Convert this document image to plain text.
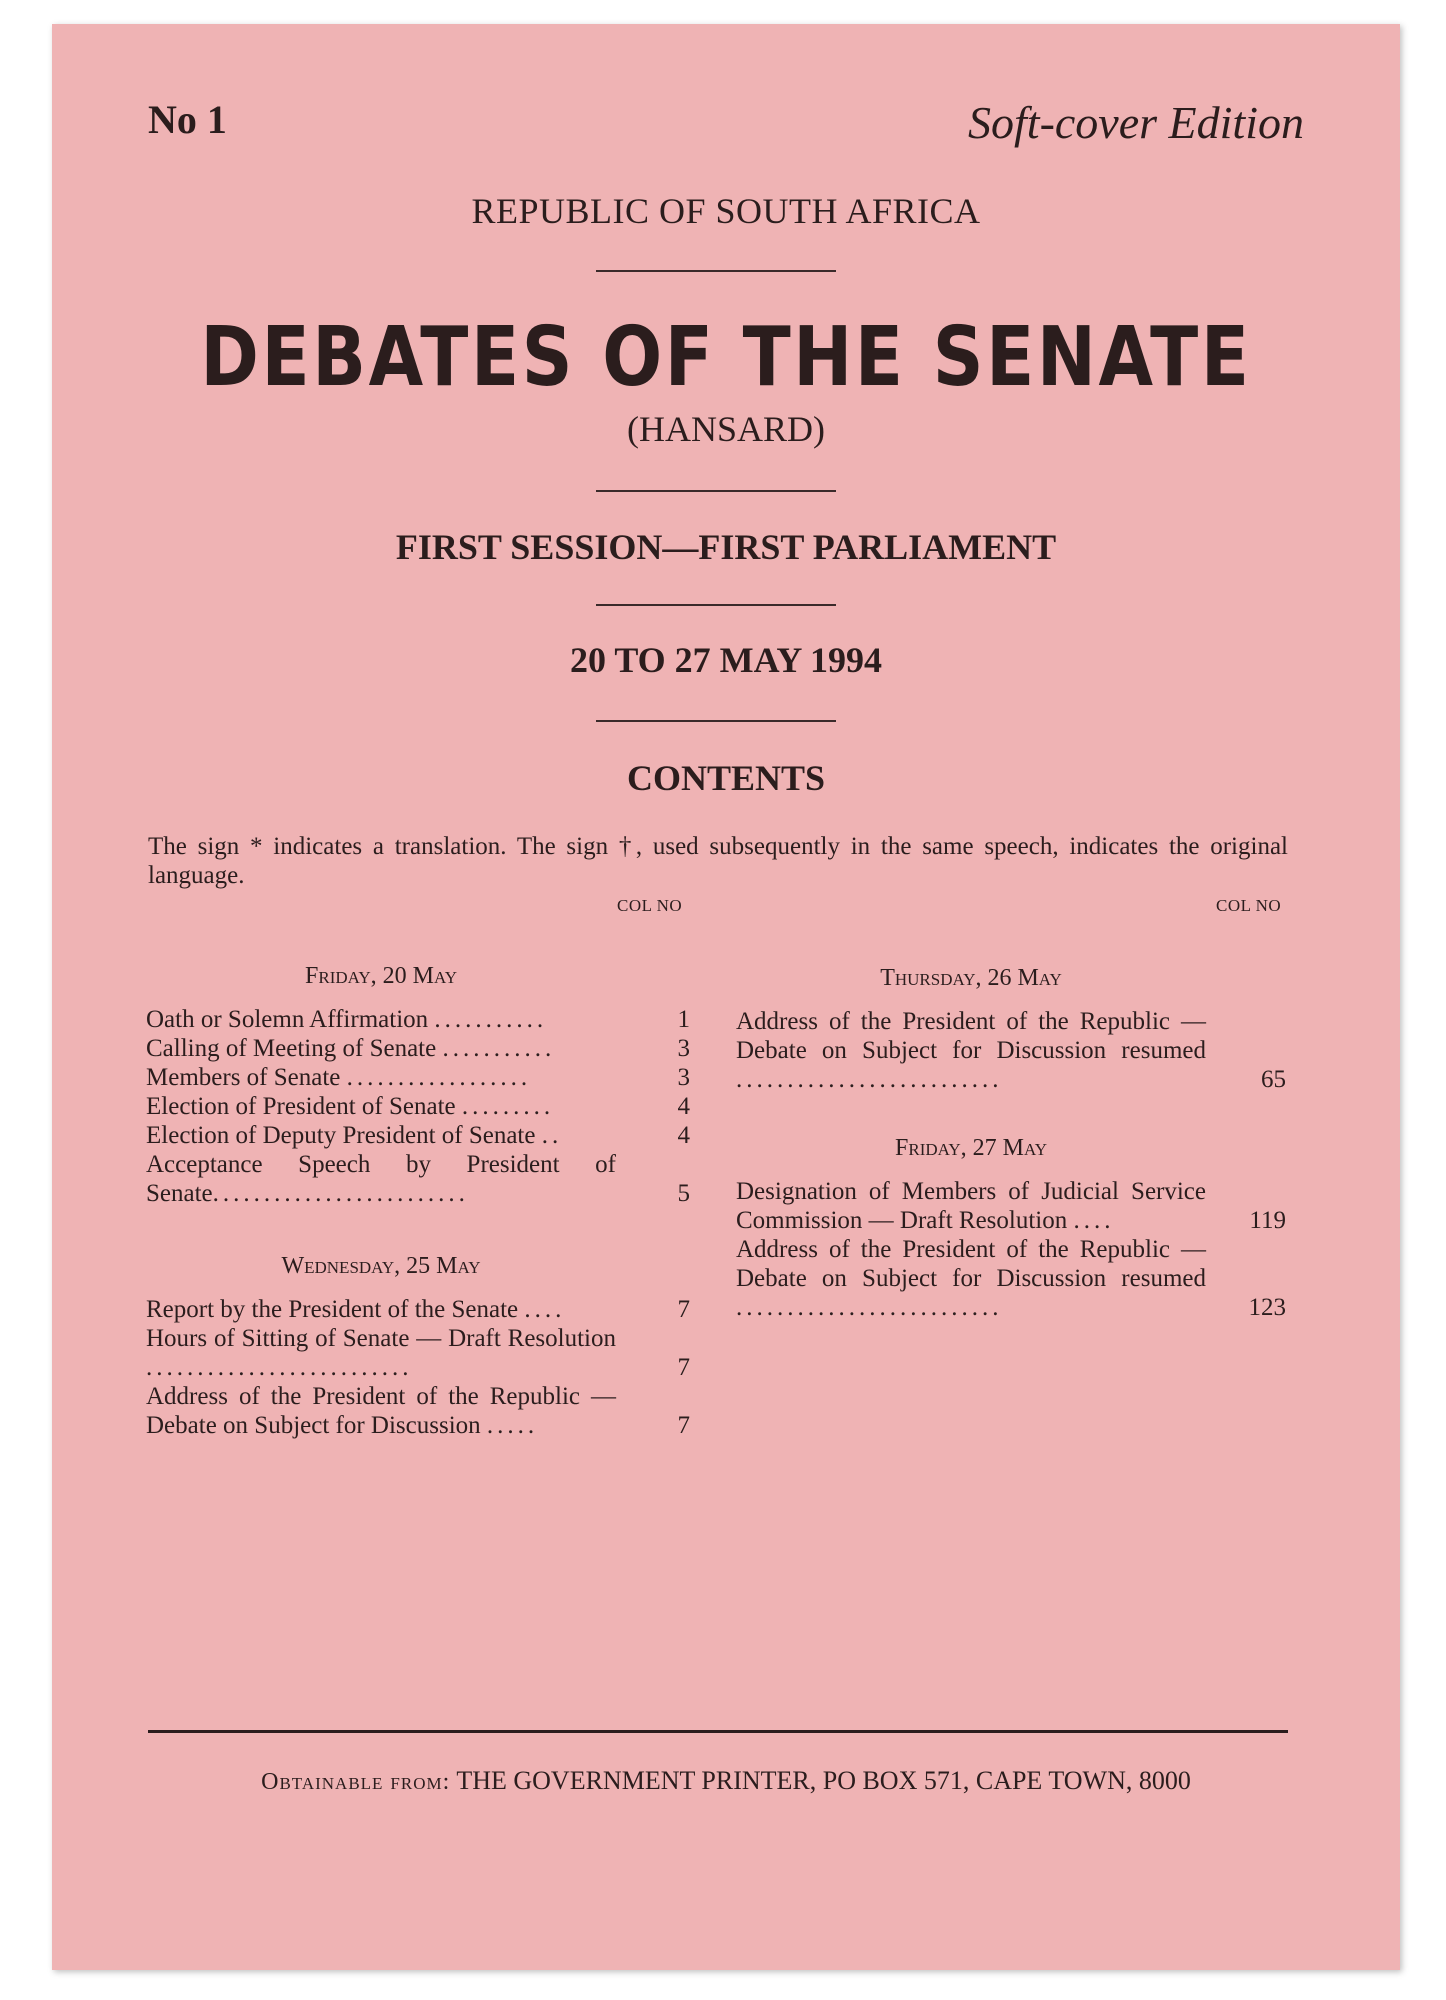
No 1	Soft-cover Edition
REPUBLIC OF SOUTH AFRICA
DEBATES OF THE SENATE
(HANSARD)
FIRST SESSION—FIRST PARLIAMENT
20 TO 27 MAY 1994
CONTENTS
The sign * indicates a translation. The sign †, used subsequently in the same speech, indicates the original language.
COL NO	COL NO
Friday, 20 May
Oath or Solemn Affirmation ...........	1
Calling of Meeting of Senate ...........	3
Members of Senate ..................	3
Election of President of Senate .........	4
Election of Deputy President of Senate ..	4
Acceptance Speech by President of Senate.........................	5
Wednesday, 25 May
Report by the President of the Senate ....	7
Hours of Sitting of Senate — Draft Resolution ..........................	7
Address of the President of the Republic —Debate on Subject for Discussion .....	7
Thursday, 26 May
Address of the President of the Republic — Debate on Subject for Discussion resumed ..........................	65
Friday, 27 May
Designation of Members of Judicial Service Commission — Draft Resolution ....	119
Address of the President of the Republic — Debate on Subject for Discussion resumed ..........................	123
Obtainable from: THE GOVERNMENT PRINTER, PO BOX 571, CAPE TOWN, 8000
